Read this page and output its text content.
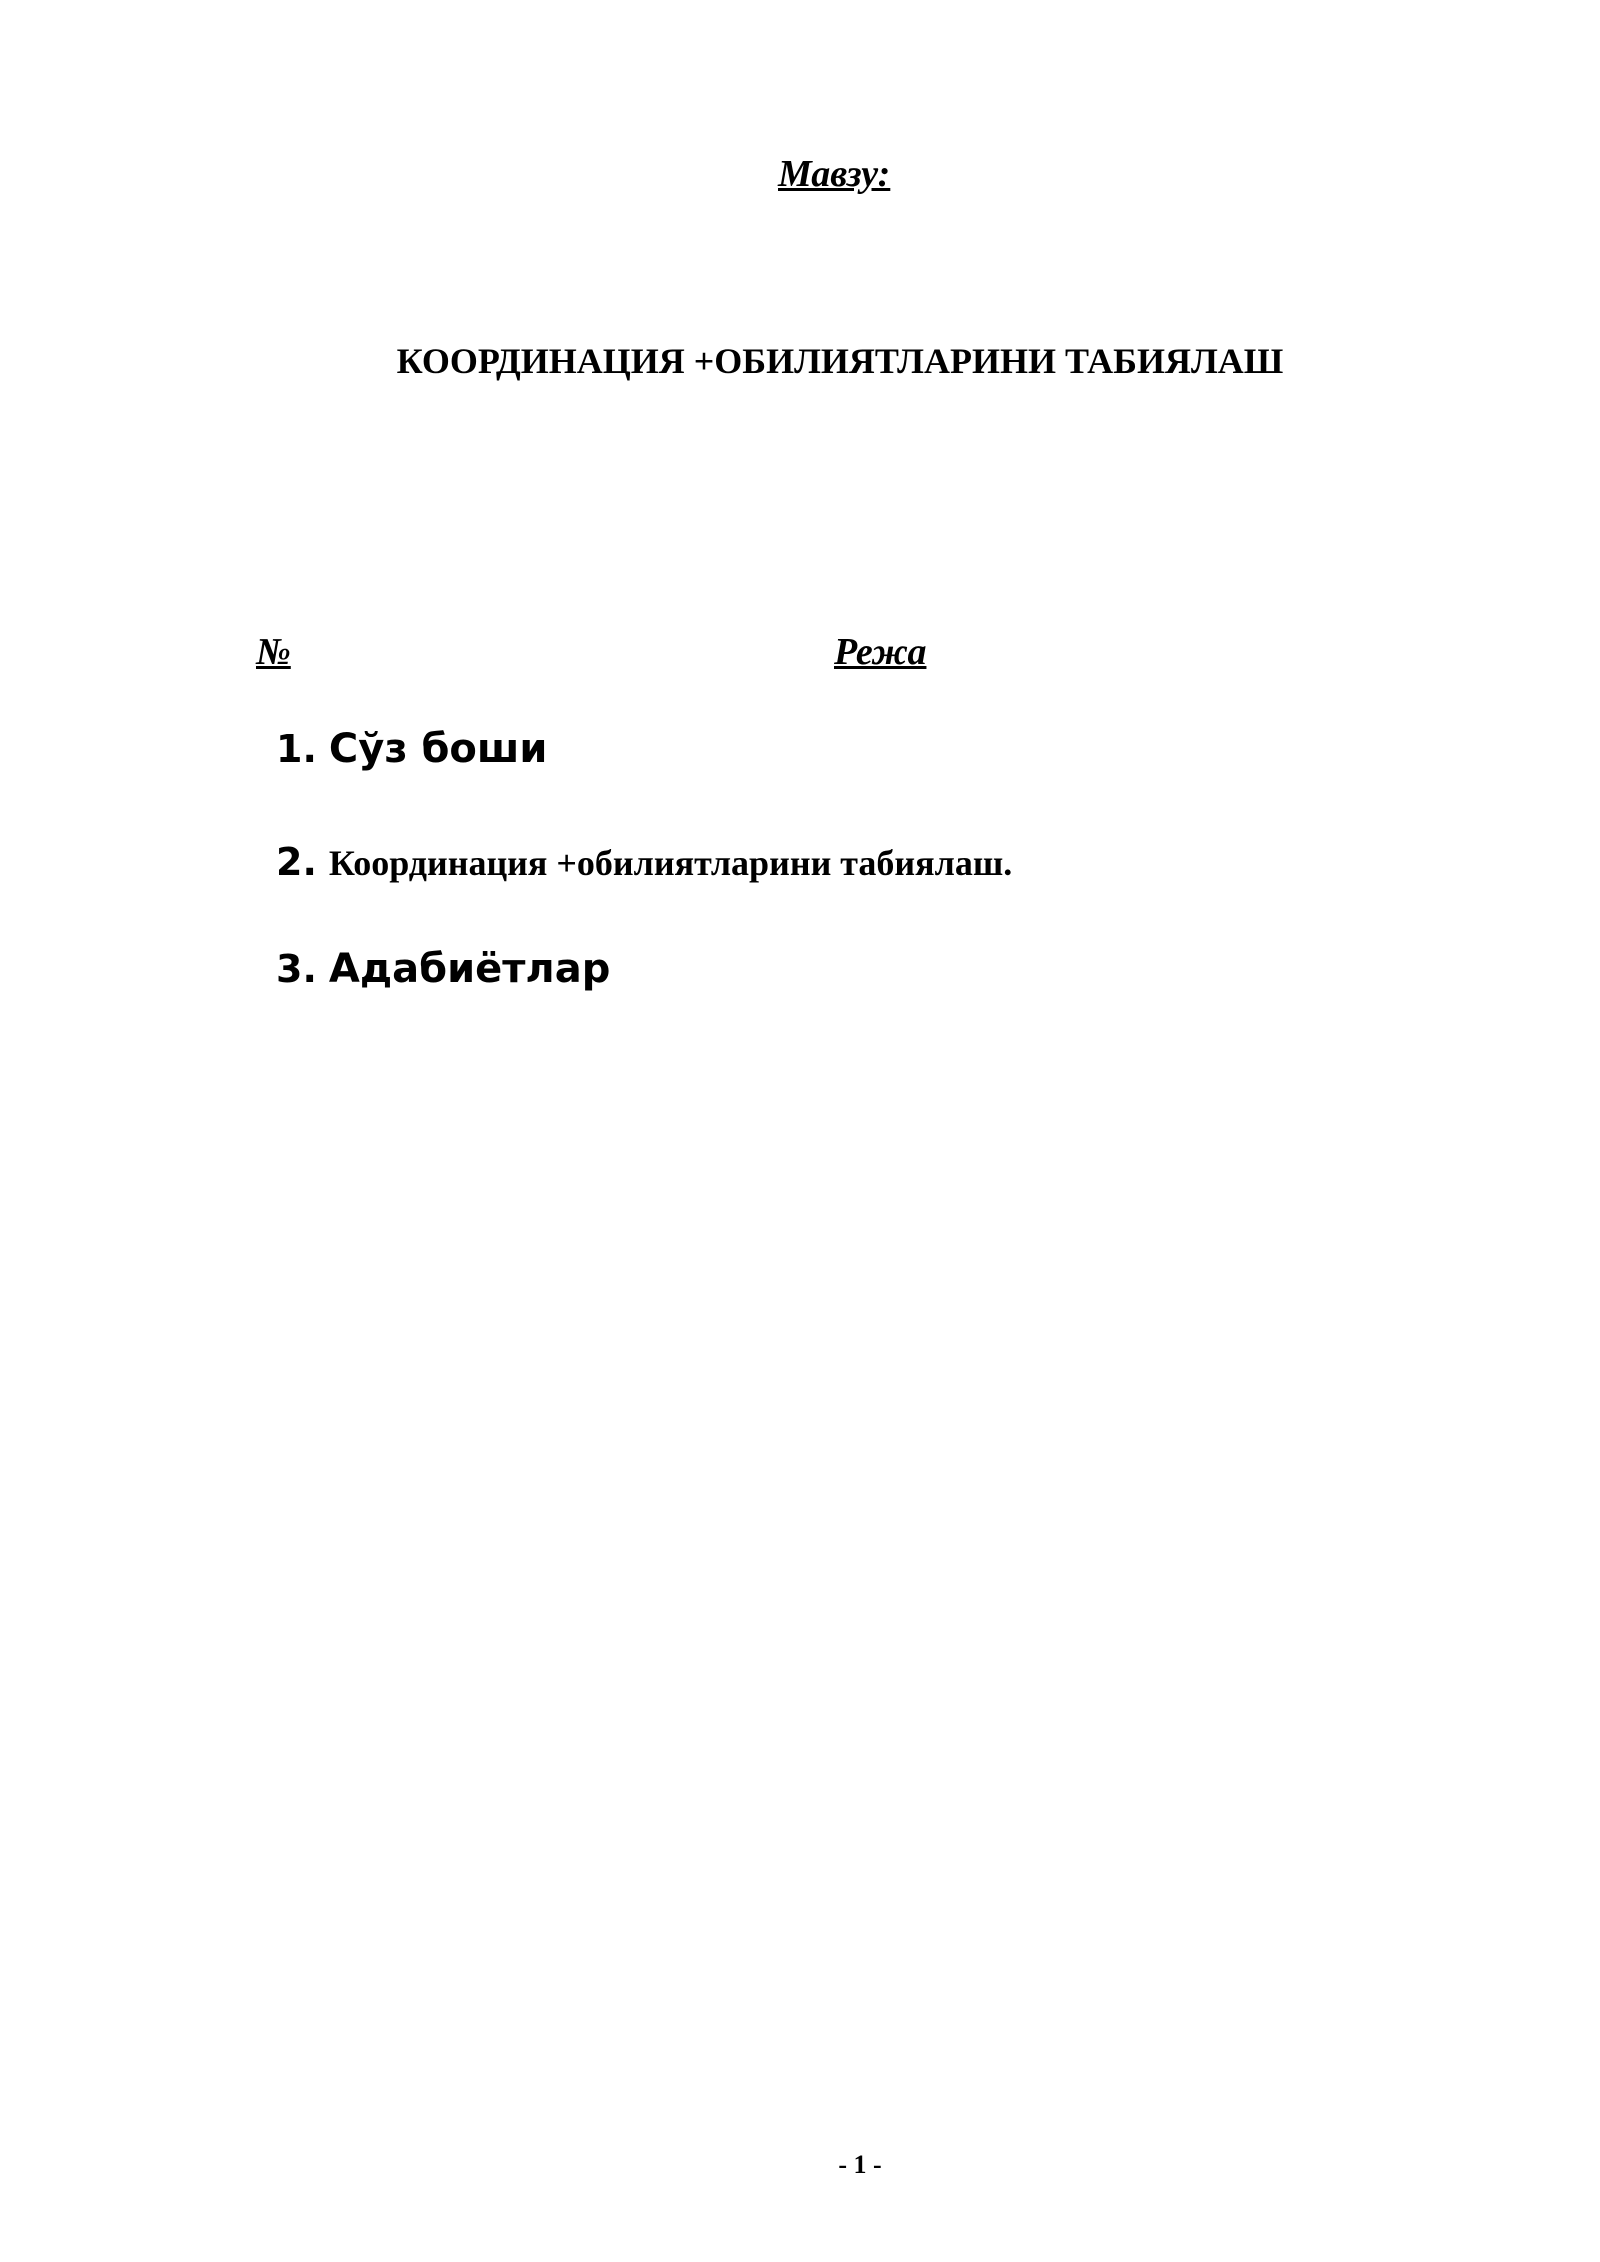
Мавзу:
КООРДИНАЦИЯ +ОБИЛИЯТЛАРИНИ ТАБИЯЛАШ
№	Режа
1. Сўз боши
2. Координация +обилиятларини табиялаш.
3. Адабиётлар
- 1 -
